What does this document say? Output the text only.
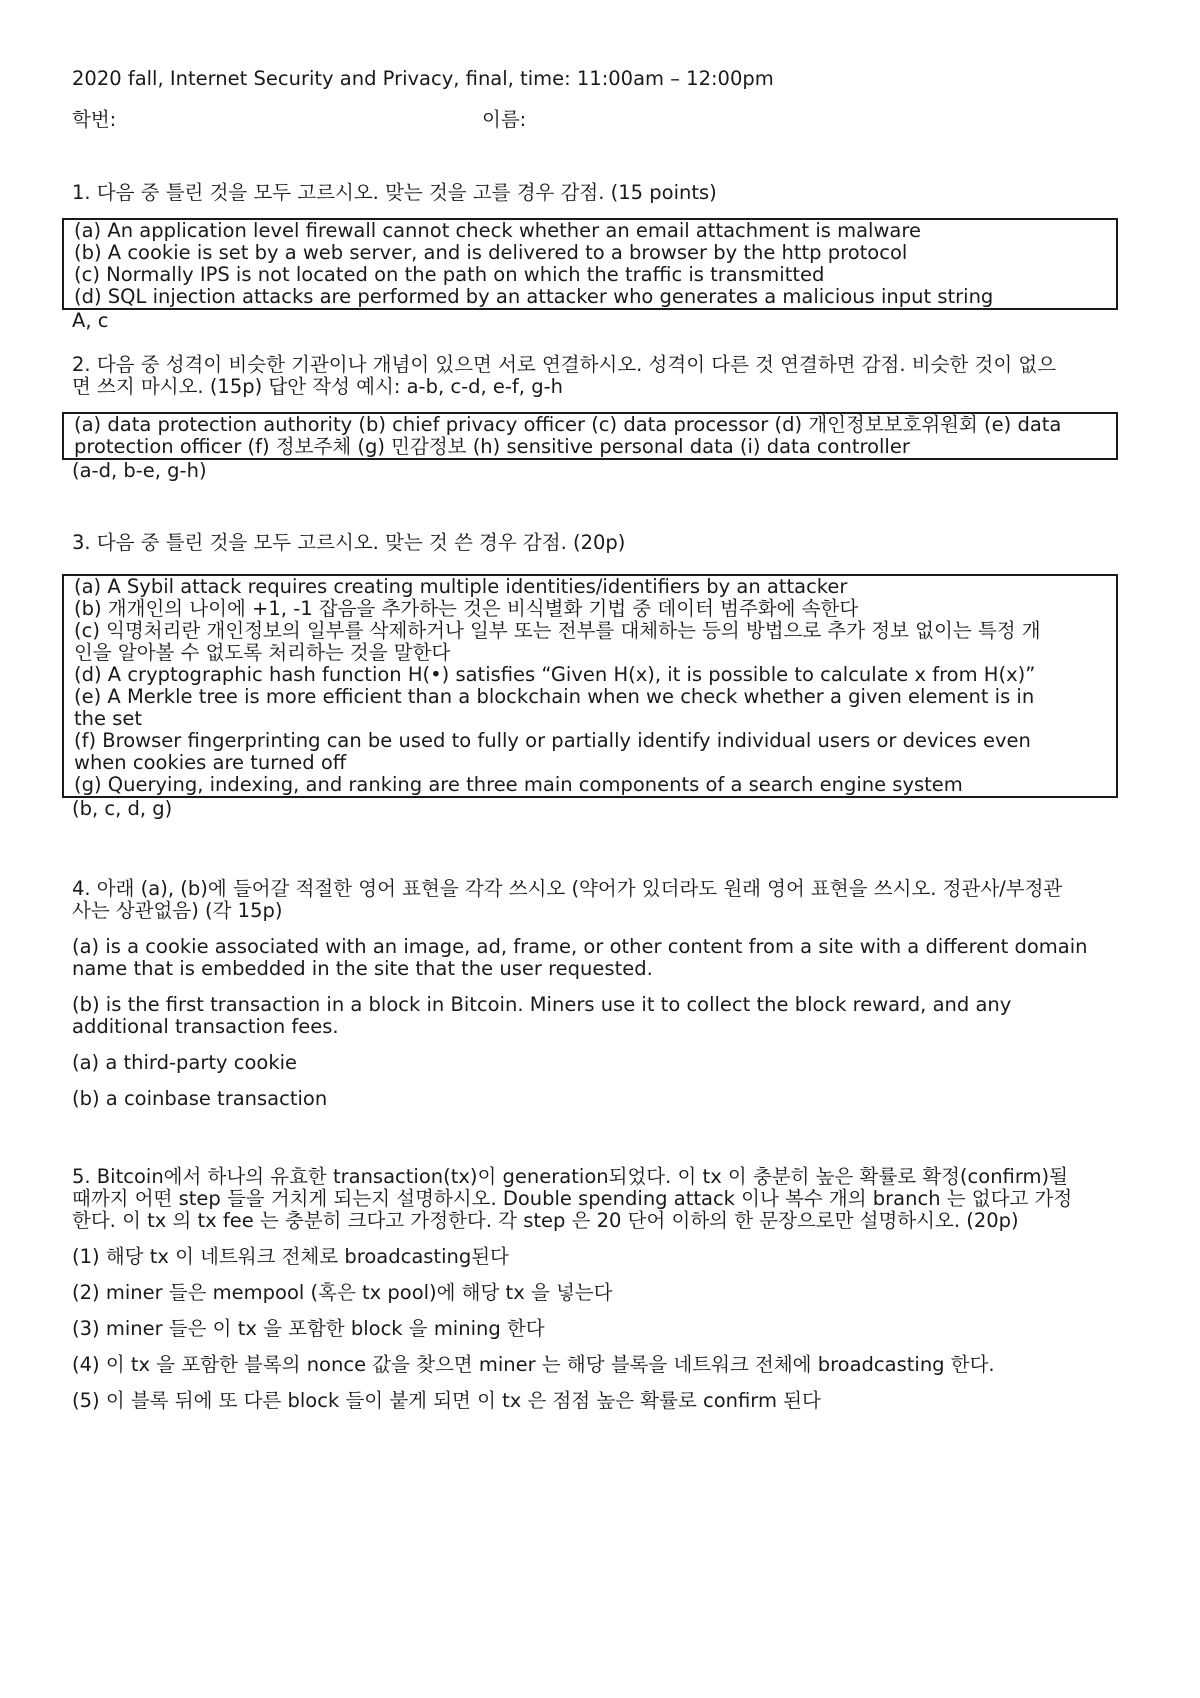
2020 fall, Internet Security and Privacy, final, time: 11:00am – 12:00pm
학번:	이름:
1. 다음 중 틀린 것을 모두 고르시오. 맞는 것을 고를 경우 감점. (15 points)
(a) An application level firewall cannot check whether an email attachment is malware
(b) A cookie is set by a web server, and is delivered to a browser by the http protocol
(c) Normally IPS is not located on the path on which the traffic is transmitted
(d) SQL injection attacks are performed by an attacker who generates a malicious input string
A, c
2. 다음 중 성격이 비슷한 기관이나 개념이 있으면 서로 연결하시오. 성격이 다른 것 연결하면 감점. 비슷한 것이 없으
면 쓰지 마시오. (15p) 답안 작성 예시: a-b, c-d, e-f, g-h
(a) data protection authority (b) chief privacy officer (c) data processor (d) 개인정보보호위원회 (e) data
protection officer (f) 정보주체 (g) 민감정보 (h) sensitive personal data (i) data controller
(a-d, b-e, g-h)
3. 다음 중 틀린 것을 모두 고르시오. 맞는 것 쓴 경우 감점. (20p)
(a) A Sybil attack requires creating multiple identities/identifiers by an attacker
(b) 개개인의 나이에 +1, -1 잡음을 추가하는 것은 비식별화 기법 중 데이터 범주화에 속한다
(c) 익명처리란 개인정보의 일부를 삭제하거나 일부 또는 전부를 대체하는 등의 방법으로 추가 정보 없이는 특정 개
인을 알아볼 수 없도록 처리하는 것을 말한다
(d) A cryptographic hash function H(•) satisfies “Given H(x), it is possible to calculate x from H(x)”
(e) A Merkle tree is more efficient than a blockchain when we check whether a given element is in
the set
(f) Browser fingerprinting can be used to fully or partially identify individual users or devices even
when cookies are turned off
(g) Querying, indexing, and ranking are three main components of a search engine system
(b, c, d, g)
4. 아래 (a), (b)에 들어갈 적절한 영어 표현을 각각 쓰시오 (약어가 있더라도 원래 영어 표현을 쓰시오. 정관사/부정관
사는 상관없음) (각 15p)
(a) is a cookie associated with an image, ad, frame, or other content from a site with a different domain
name that is embedded in the site that the user requested.
(b) is the first transaction in a block in Bitcoin. Miners use it to collect the block reward, and any
additional transaction fees.
(a) a third-party cookie
(b) a coinbase transaction
5. Bitcoin에서 하나의 유효한 transaction(tx)이 generation되었다. 이 tx 이 충분히 높은 확률로 확정(confirm)될
때까지 어떤 step 들을 거치게 되는지 설명하시오. Double spending attack 이나 복수 개의 branch 는 없다고 가정
한다. 이 tx 의 tx fee 는 충분히 크다고 가정한다. 각 step 은 20 단어 이하의 한 문장으로만 설명하시오. (20p)
(1) 해당 tx 이 네트워크 전체로 broadcasting된다
(2) miner 들은 mempool (혹은 tx pool)에 해당 tx 을 넣는다
(3) miner 들은 이 tx 을 포함한 block 을 mining 한다
(4) 이 tx 을 포함한 블록의 nonce 값을 찾으면 miner 는 해당 블록을 네트워크 전체에 broadcasting 한다.
(5) 이 블록 뒤에 또 다른 block 들이 붙게 되면 이 tx 은 점점 높은 확률로 confirm 된다
